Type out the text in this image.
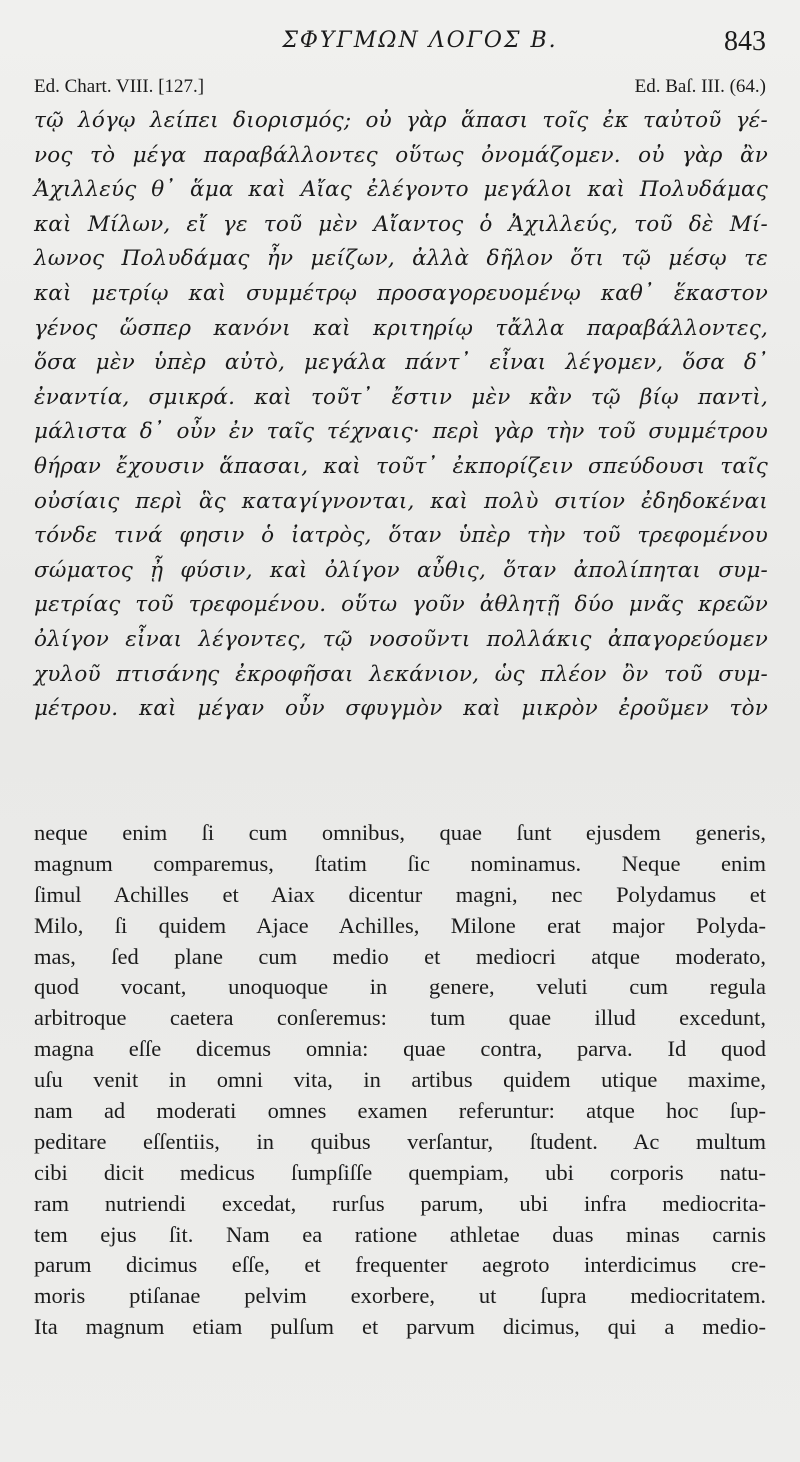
ΣΦΥΓΜΩΝ ΛΟΓΟΣ Β.	843
Ed. Chart. VIII. [127.]	Ed. Baſ. III. (64.)
τῷ λόγῳ λείπει διορισμός; οὐ γὰρ ἅπασι τοῖς ἐκ ταὐτοῦ γέ-
νος τὸ μέγα παραβάλλοντες οὕτως ὀνομάζομεν. οὐ γὰρ ἂν
Ἀχιλλεύς θ᾽ ἅμα καὶ Αἴας ἐλέγοντο μεγάλοι καὶ Πολυδάμας
καὶ Μίλων, εἴ γε τοῦ μὲν Αἴαντος ὁ Ἀχιλλεύς, τοῦ δὲ Μί-
λωνος Πολυδάμας ἦν μείζων, ἀλλὰ δῆλον ὅτι τῷ μέσῳ τε
καὶ μετρίῳ καὶ συμμέτρῳ προσαγορευομένῳ καθ᾽ ἕκαστον
γένος ὥσπερ κανόνι καὶ κριτηρίῳ τἄλλα παραβάλλοντες,
ὅσα μὲν ὑπὲρ αὐτὸ, μεγάλα πάντ᾽ εἶναι λέγομεν, ὅσα δ᾽
ἐναντία, σμικρά. καὶ τοῦτ᾽ ἔστιν μὲν κἂν τῷ βίῳ παντὶ,
μάλιστα δ᾽ οὖν ἐν ταῖς τέχναις· περὶ γὰρ τὴν τοῦ συμμέτρου
θήραν ἔχουσιν ἅπασαι, καὶ τοῦτ᾽ ἐκπορίζειν σπεύδουσι ταῖς
οὐσίαις περὶ ἃς καταγίγνονται, καὶ πολὺ σιτίον ἐδηδοκέναι
τόνδε τινά φησιν ὁ ἰατρὸς, ὅταν ὑπὲρ τὴν τοῦ τρεφομένου
σώματος ᾖ φύσιν, καὶ ὀλίγον αὖθις, ὅταν ἀπολίπηται συμ-
μετρίας τοῦ τρεφομένου. οὕτω γοῦν ἀθλητῇ δύο μνᾶς κρεῶν
ὀλίγον εἶναι λέγοντες, τῷ νοσοῦντι πολλάκις ἀπαγορεύομεν
χυλοῦ πτισάνης ἐκροφῆσαι λεκάνιον, ὡς πλέον ὂν τοῦ συμ-
μέτρου. καὶ μέγαν οὖν σφυγμὸν καὶ μικρὸν ἐροῦμεν τὸν
neque enim ſi cum omnibus, quae ſunt ejusdem generis,
magnum comparemus, ſtatim ſic nominamus. Neque enim
ſimul Achilles et Aiax dicentur magni, nec Polydamus et
Milo, ſi quidem Ajace Achilles, Milone erat major Polyda-
mas, ſed plane cum medio et mediocri atque moderato,
quod vocant, unoquoque in genere, veluti cum regula
arbitroque caetera conſeremus: tum quae illud excedunt,
magna eſſe dicemus omnia: quae contra, parva. Id quod
uſu venit in omni vita, in artibus quidem utique maxime,
nam ad moderati omnes examen referuntur: atque hoc ſup-
peditare eſſentiis, in quibus verſantur, ſtudent. Ac multum
cibi dicit medicus ſumpſiſſe quempiam, ubi corporis natu-
ram nutriendi excedat, rurſus parum, ubi infra mediocrita-
tem ejus ſit. Nam ea ratione athletae duas minas carnis
parum dicimus eſſe, et frequenter aegroto interdicimus cre-
moris ptiſanae pelvim exorbere, ut ſupra mediocritatem.
Ita magnum etiam pulſum et parvum dicimus, qui a medio-
